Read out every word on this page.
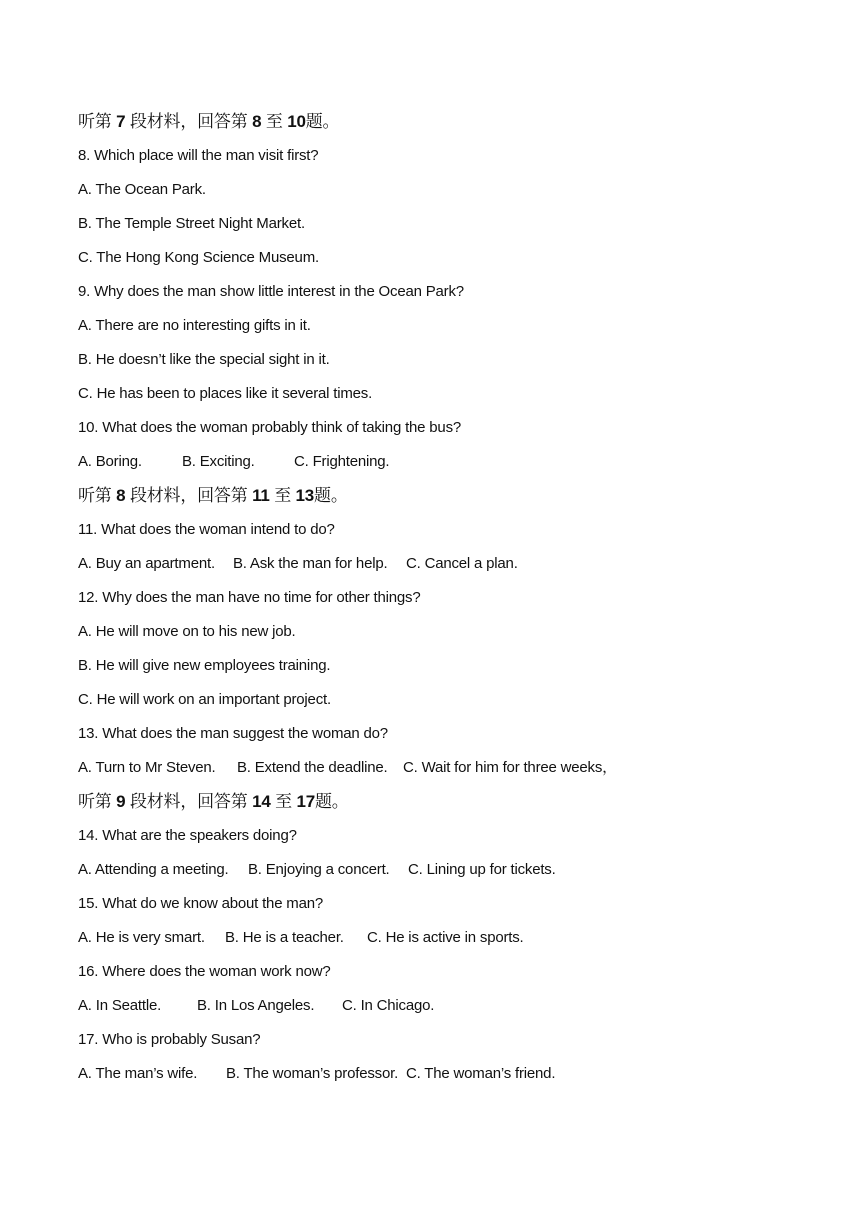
听第 7 段材料，回答第 8 至 10题。
8. Which place will the man visit first?
A. The Ocean Park.
B. The Temple Street Night Market.
C. The Hong Kong Science Museum.
9. Why does the man show little interest in the Ocean Park?
A. There are no interesting gifts in it.
B. He doesn’t like the special sight in it.
C. He has been to places like it several times.
10. What does the woman probably think of taking the bus?
A. Boring.	B. Exciting.	C. Frightening.
听第 8 段材料，回答第 11 至 13题。
11. What does the woman intend to do?
A. Buy an apartment.	B. Ask the man for help.	C. Cancel a plan.
12. Why does the man have no time for other things?
A. He will move on to his new job.
B. He will give new employees training.
C. He will work on an important project.
13. What does the man suggest the woman do?
A. Turn to Mr Steven.	B. Extend the deadline.	C. Wait for him for three weeks，
听第 9 段材料，回答第 14 至 17题。
14. What are the speakers doing?
A. Attending a meeting.	B. Enjoying a concert.	C. Lining up for tickets.
15. What do we know about the man?
A. He is very smart.	B. He is a teacher.	C. He is active in sports.
16. Where does the woman work now?
A. In Seattle.	B. In Los Angeles.	C. In Chicago.
17. Who is probably Susan?
A. The man’s wife.	B. The woman’s professor. C. The woman’s friend.
